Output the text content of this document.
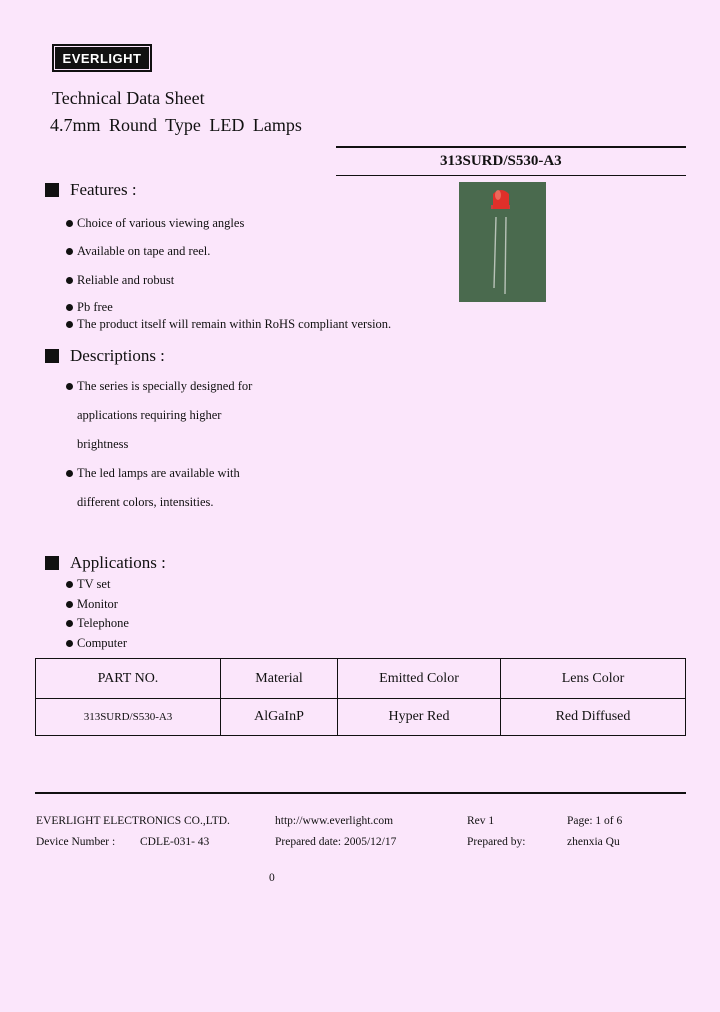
EVERLIGHT
Technical Data Sheet
4.7mm Round Type LED Lamps
313SURD/S530-A3
Features :
Choice of various viewing angles
Available on tape and reel.
Reliable and robust
Pb free
The product itself will remain within RoHS compliant version.
Descriptions :
The series is specially designed for
applications requiring higher
brightness
The led lamps are available with
different colors, intensities.
Applications :
TV set
Monitor
Telephone
Computer
PART NO.	Material	Emitted Color	Lens Color
313SURD/S530-A3	AlGaInP	Hyper Red	Red Diffused
EVERLIGHT ELECTRONICS CO.,LTD.	http://www.everlight.com	Rev 1	Page: 1 of 6
Device Number : CDLE-031- 43	Prepared date: 2005/12/17	Prepared by:	zhenxia Qu
0
